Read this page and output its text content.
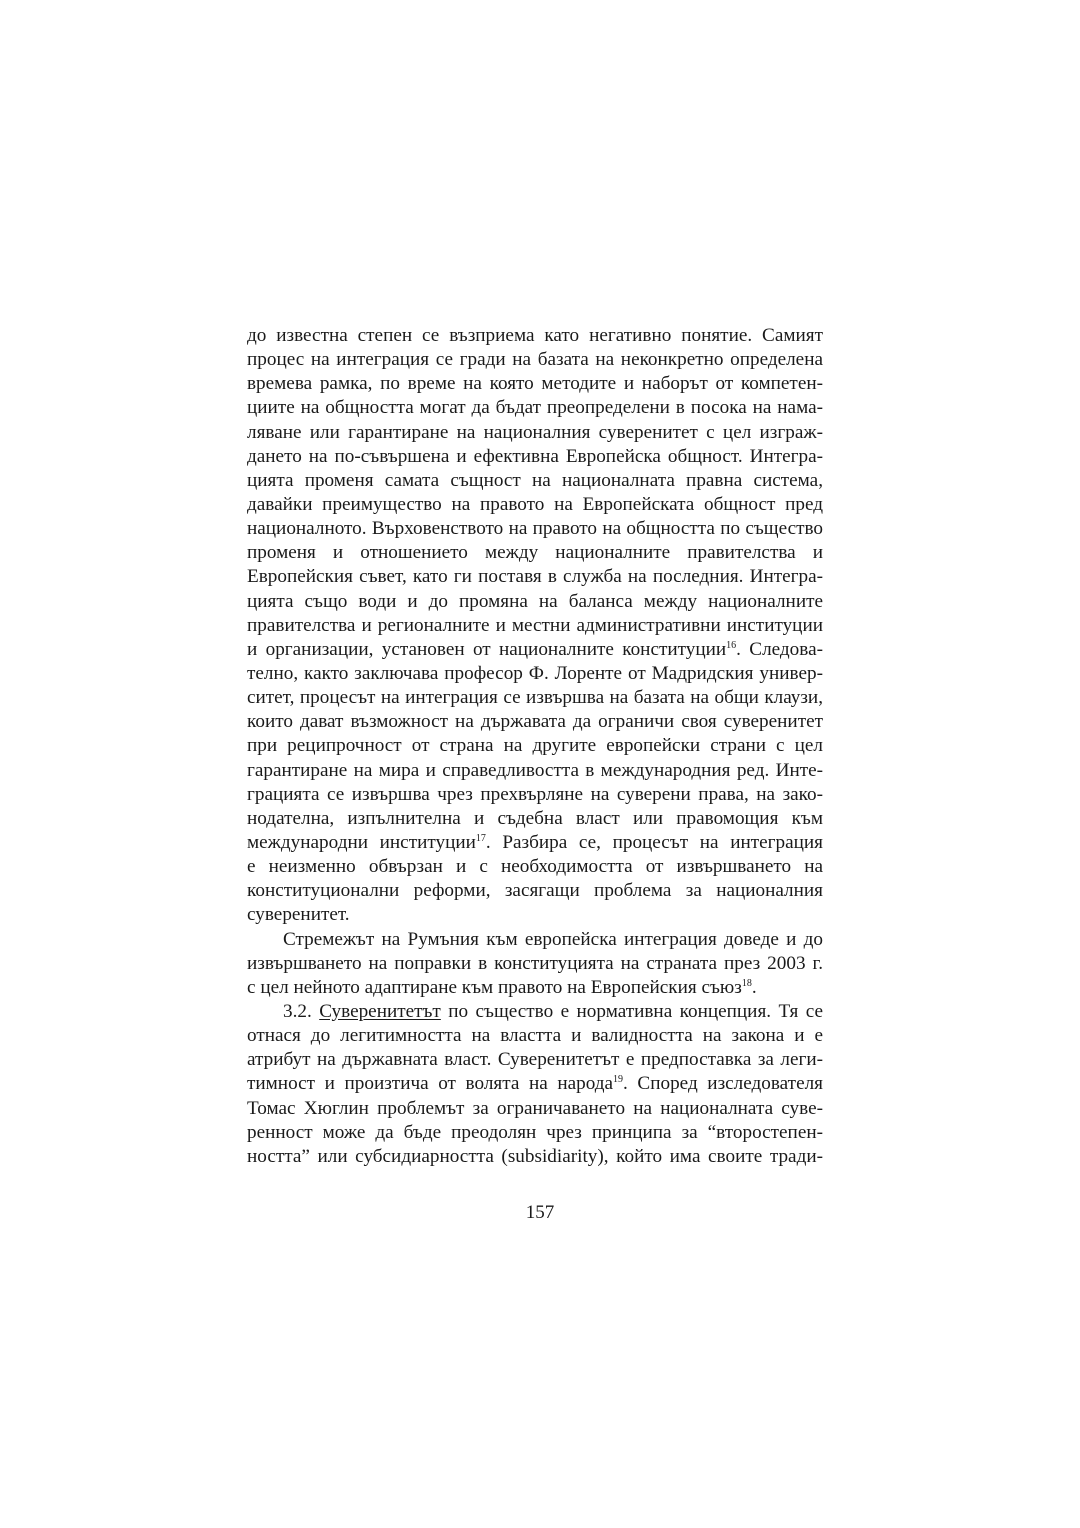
до известна степен се възприема като негативно понятие. Самият
процес на интеграция се гради на базата на неконкретно определена
времева рамка, по време на която методите и наборът от компетен-
циите на общността могат да бъдат преопределени в посока на нама-
ляване или гарантиране на националния суверенитет с цел изграж-
дането на по-съвършена и ефективна Европейска общност. Интегра-
цията променя самата същност на националната правна система,
давайки преимущество на правото на Европейската общност пред
националното. Върховенството на правото на общността по същество
променя и отношението между националните правителства и
Европейския съвет, като ги поставя в служба на последния. Интегра-
цията също води и до промяна на баланса между националните
правителства и регионалните и местни административни институции
и организации, установен от националните конституции$^{16}$. Следова-
телно, както заключава професор Ф. Лоренте от Мадридския универ-
ситет, процесът на интеграция се извършва на базата на общи клаузи,
които дават възможност на държавата да ограничи своя суверенитет
при реципрочност от страна на другите европейски страни с цел
гарантиране на мира и справедливостта в международния ред. Инте-
грацията се извършва чрез прехвърляне на суверени права, на зако-
нодателна, изпълнителна и съдебна власт или правомощия към
международни институции$^{17}$. Разбира се, процесът на интеграция
е неизменно обвързан и с необходимостта от извършването на
конституционални реформи, засягащи проблема за националния
суверенитет.
Стремежът на Румъния към европейска интеграция доведе и до
извършването на поправки в конституцията на страната през 2003 г.
с цел нейното адаптиране към правото на Европейския съюз$^{18}$.
3.2. Суверенитетът по същество е нормативна концепция. Тя се
отнася до легитимността на властта и валидността на закона и е
атрибут на държавната власт. Суверенитетът е предпоставка за леги-
тимност и произтича от волята на народа$^{19}$. Според изследователя
Томас Хюглин проблемът за ограничаването на националната суве-
ренност може да бъде преодолян чрез принципа за “второстепен-
ността” или субсидиарността (subsidiarity), който има своите тради-
157
